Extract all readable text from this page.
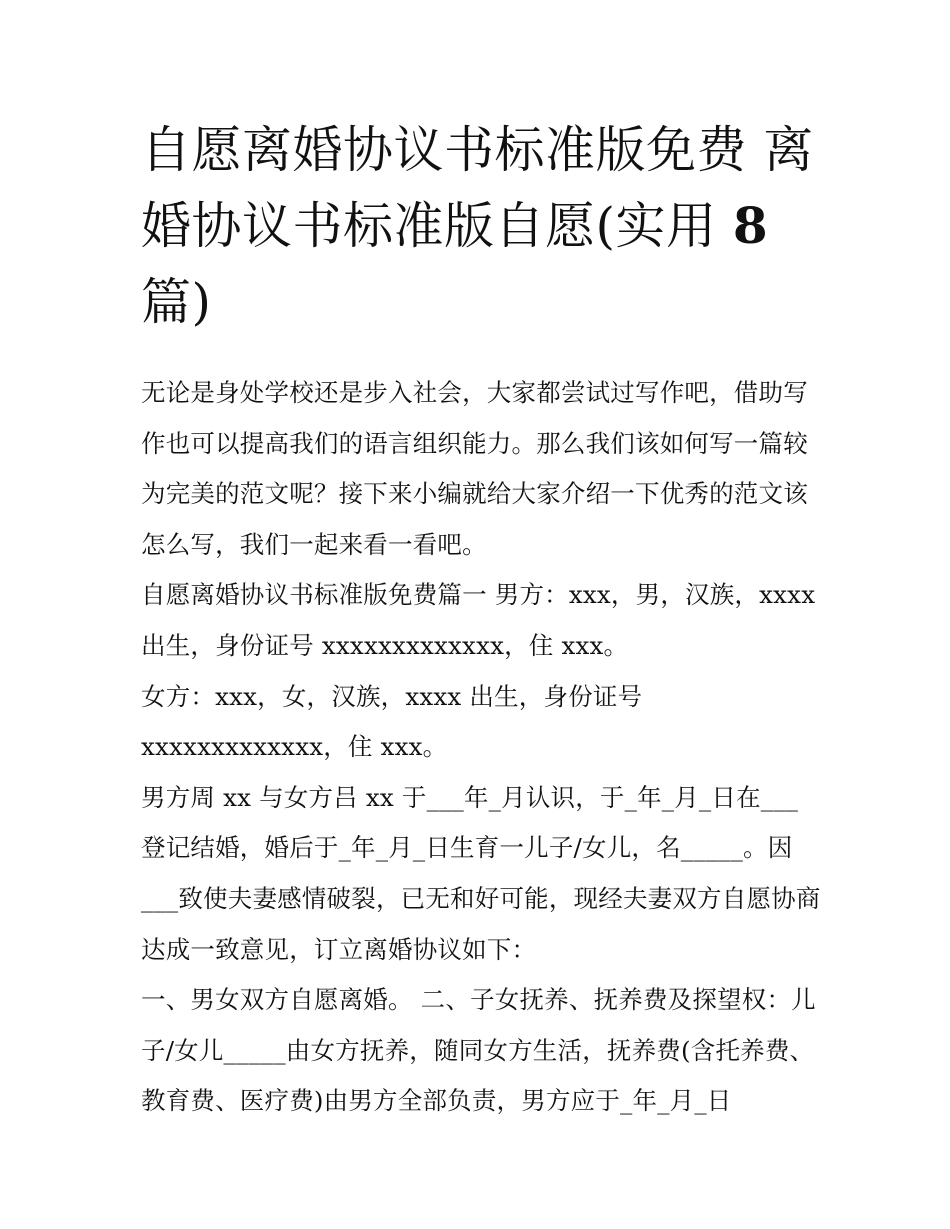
自愿离婚协议书标准版免费 离
婚协议书标准版自愿(实用 8
篇)

无论是身处学校还是步入社会，大家都尝试过写作吧，借助写作也可以提高我们的语言组织能力。那么我们该如何写一篇较为完美的范文呢？接下来小编就给大家介绍一下优秀的范文该怎么写，我们一起来看一看吧。

自愿离婚协议书标准版免费篇一 男方：xxx，男，汉族，xxxx出生，身份证号 xxxxxxxxxxxxx，住 xxx。

女方：xxx，女，汉族，xxxx 出生，身份证号

xxxxxxxxxxxxx，住 xxx。

男方周 xx 与女方吕 xx 于___年_月认识，于_年_月_日在___登记结婚，婚后于_年_月_日生育一儿子/女儿，名_____。因___致使夫妻感情破裂，已无和好可能，现经夫妻双方自愿协商达成一致意见，订立离婚协议如下：

一、男女双方自愿离婚。 二、子女抚养、抚养费及探望权：儿子/女儿_____由女方抚养，随同女方生活，抚养费(含托养费、教育费、医疗费)由男方全部负责，男方应于_年_月_日
